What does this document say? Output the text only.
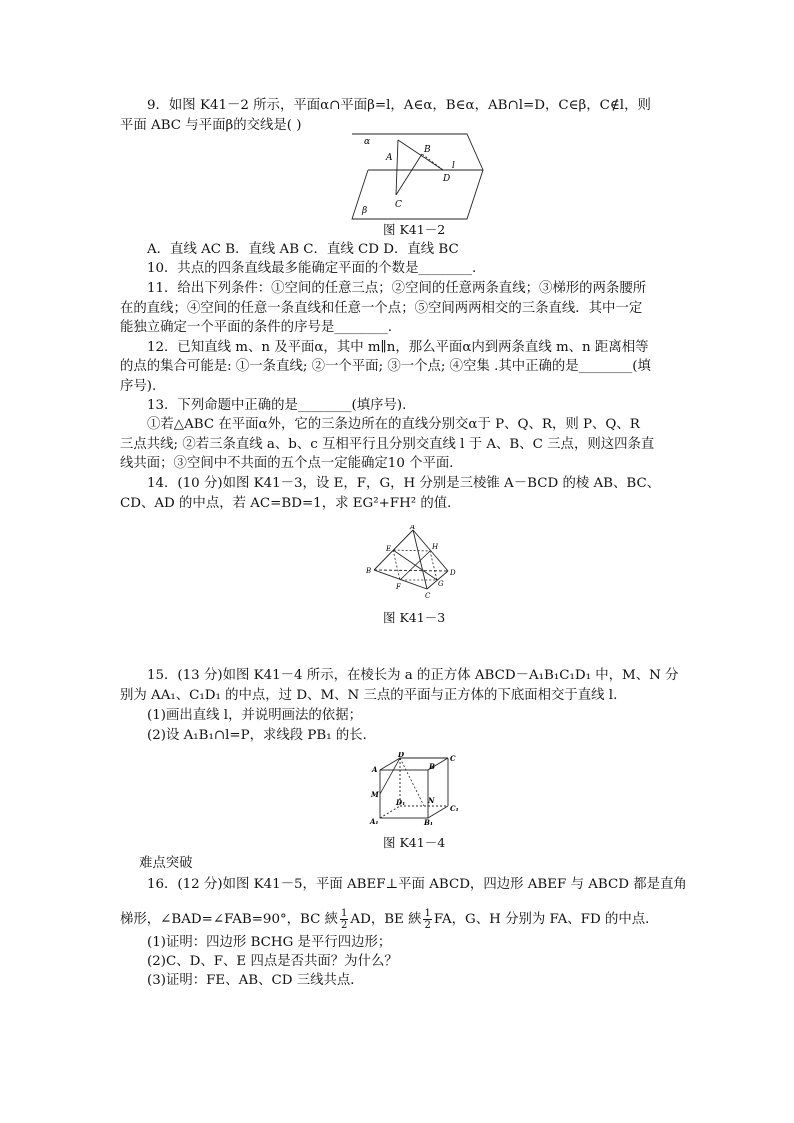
9．如图 K41－2 所示，平面α∩平面β=l，A∈α，B∈α，AB∩l=D，C∈β，C∉l，则
平面 ABC 与平面β的交线是( )
α
β
A
B
C
D
l
图 K41－2
A．直线 AC B．直线 AB C．直线 CD D．直线 BC
10．共点的四条直线最多能确定平面的个数是________.
11．给出下列条件：①空间的任意三点；②空间的任意两条直线；③梯形的两条腰所
在的直线；④空间的任意一条直线和任意一个点；⑤空间两两相交的三条直线．其中一定
能独立确定一个平面的条件的序号是________.
12．已知直线 m、n 及平面α，其中 m∥n，那么平面α内到两条直线 m、n 距离相等
的点的集合可能是: ①一条直线; ②一个平面; ③一个点; ④空集 .其中正确的是________(填
序号).
13．下列命题中正确的是________(填序号).
①若△ABC 在平面α外，它的三条边所在的直线分别交α于 P、Q、R，则 P、Q、R
三点共线; ②若三条直线 a、b、c 互相平行且分别交直线 l 于 A、B、C 三点，则这四条直
线共面；③空间中不共面的五个点一定能确定10 个平面．
14．(10 分)如图 K41－3，设 E，F，G，H 分别是三棱锥 A－BCD 的棱 AB、BC、
CD、AD 的中点，若 AC=BD=1，求 EG²+FH² 的值．
A
B
C
D
E
F	G
H
图 K41－3
15．(13 分)如图 K41－4 所示，在棱长为 a 的正方体 ABCD－A₁B₁C₁D₁ 中，M、N 分
别为 AA₁、C₁D₁ 的中点，过 D、M、N 三点的平面与正方体的下底面相交于直线 l.
(1)画出直线 l，并说明画法的依据；
(2)设 A₁B₁∩l=P，求线段 PB₁ 的长．
D	C
A	B
M
N
D₁
C₁
A₁	B₁
图 K41－4
难点突破
16．(12 分)如图 K41－5，平面 ABEF⊥平面 ABCD，四边形 ABEF 与 ABCD 都是直角
梯形，∠BAD=∠FAB=90°，BC 綊 $\frac{1}{2}$ AD，BE 綊 $\frac{1}{2}$ FA，G、H 分别为 FA、FD 的中点．
(1)证明：四边形 BCHG 是平行四边形；
(2)C、D、F、E 四点是否共面？为什么？
(3)证明：FE、AB、CD 三线共点．
